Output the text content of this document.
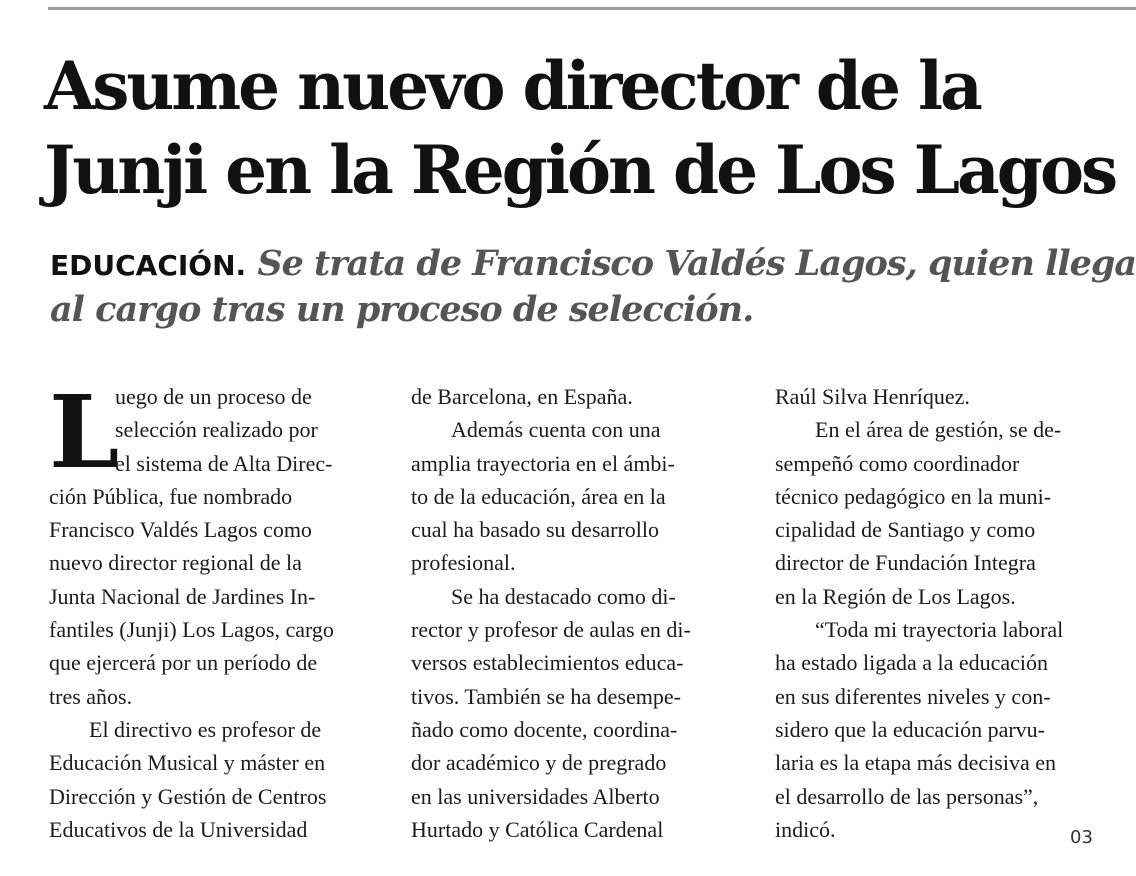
Asume nuevo director de la
Junji en la Región de Los Lagos
EDUCACIÓN. Se trata de Francisco Valdés Lagos, quien llega
al cargo tras un proceso de selección.
L
uego de un proceso de
selección realizado por
el sistema de Alta Direc-
ción Pública, fue nombrado
Francisco Valdés Lagos como
nuevo director regional de la
Junta Nacional de Jardines In-
fantiles (Junji) Los Lagos, cargo
que ejercerá por un período de
tres años.
El directivo es profesor de
Educación Musical y máster en
Dirección y Gestión de Centros
Educativos de la Universidad
de Barcelona, en España.
Además cuenta con una
amplia trayectoria en el ámbi-
to de la educación, área en la
cual ha basado su desarrollo
profesional.
Se ha destacado como di-
rector y profesor de aulas en di-
versos establecimientos educa-
tivos. También se ha desempe-
ñado como docente, coordina-
dor académico y de pregrado
en las universidades Alberto
Hurtado y Católica Cardenal
Raúl Silva Henríquez.
En el área de gestión, se de-
sempeñó como coordinador
técnico pedagógico en la muni-
cipalidad de Santiago y como
director de Fundación Integra
en la Región de Los Lagos.
“Toda mi trayectoria laboral
ha estado ligada a la educación
en sus diferentes niveles y con-
sidero que la educación parvu-
laria es la etapa más decisiva en
el desarrollo de las personas”,
indicó.	03
